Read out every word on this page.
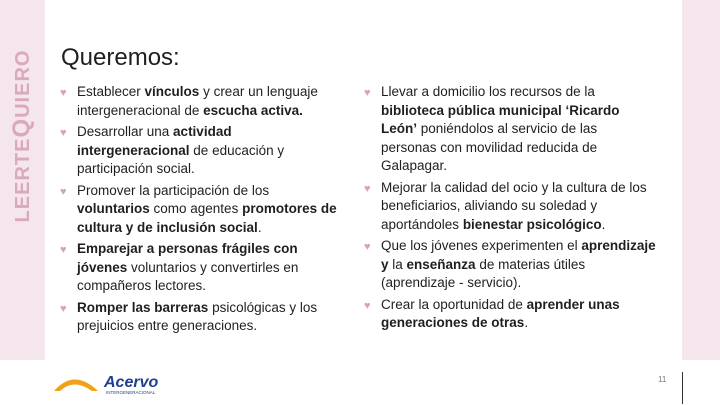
LEERTEQUIERO Queremos:
♥ Establecer vínculos y crear un lenguaje intergeneracional de escucha activa.
♥ Desarrollar una actividad intergeneracional de educación y participación social.
♥ Promover la participación de los voluntarios como agentes promotores de cultura y de inclusión social.
♥ Emparejar a personas frágiles con jóvenes voluntarios y convertirles en compañeros lectores.
♥ Romper las barreras psicológicas y los prejuicios entre generaciones.
♥ Llevar a domicilio los recursos de la biblioteca pública municipal ‘Ricardo León’ poniéndolos al servicio de las personas con movilidad reducida de Galapagar.
♥ Mejorar la calidad del ocio y la cultura de los beneficiarios, aliviando su soledad y aportándoles bienestar psicológico.
♥ Que los jóvenes experimenten el aprendizaje y la enseñanza de materias útiles (aprendizaje - servicio).
♥ Crear la oportunidad de aprender unas generaciones de otras.
Acervo
INTERGENERACIONAL
11
